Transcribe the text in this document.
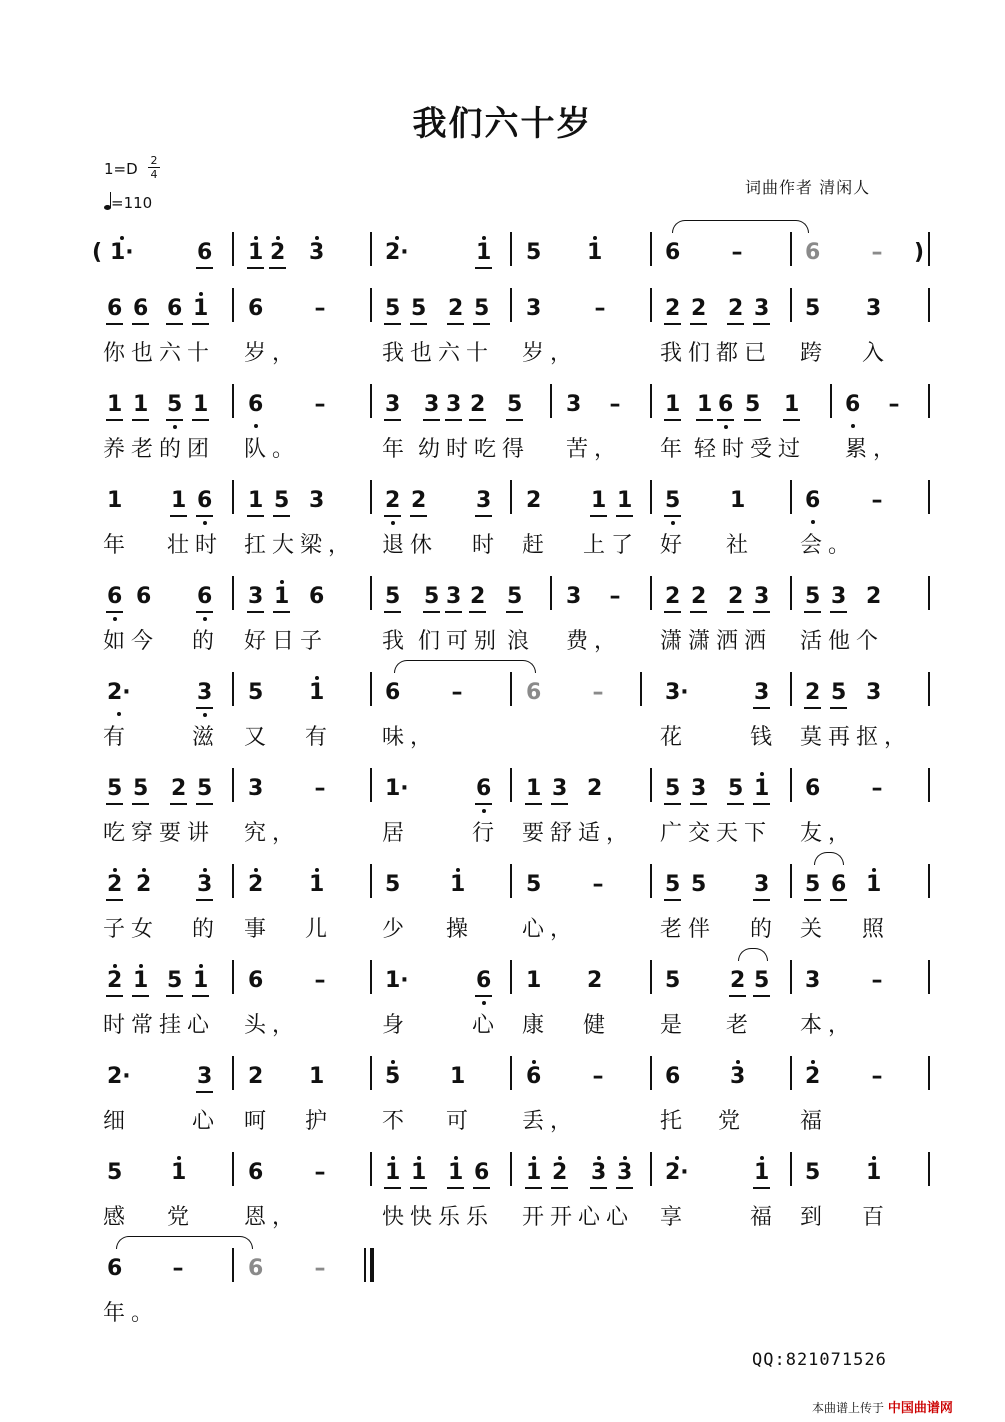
我们六十岁
$1=D \frac{2}{4}$
=110
词曲作者 清闲人
( 1·	6 1 2 3	2·	1 5 1	6 –	6 – )
6 6 6 1 6 –	5 5 2 5 3 –	2 2 2 3 5 3
你也六十 岁，	我也六十 岁，	我们都已 跨 入
1 1 5 1 6 –	3 3 3 2 5 3 – 1 1 6 5 1 6 –
养老的团 队。	年 幼时吃得 苦， 年 轻时受过 累，
1 1 6 1 5 3	2 2 3 2 1 1 5 1	6 –
年 壮时 扛大梁， 退休 时 赶 上了 好 社 会。
6 6 6 3 1 6	5 5 3 2 5 3 – 2 2 2 3 5 3 2
如今 的 好日子 我 们可别 浪 费， 潇潇洒洒 活他个
2·	3 5 1	6 –	6 –	3·	3 2 5 3
有	滋 又 有 味，	花	钱 莫再抠，
5 5 2 5 3 –	1·	6 1 3 2	5 3 5 1 6 –
吃穿要讲 究，	居	行 要舒适， 广交天下 友，
2 2 3 2 1	5 1	5 –	5 5 3 5 6 1
子女 的 事 儿 少 操 心，	老伴 的 关 照
2 1 5 1 6 –	1·	6 1 2	5 2 5 3 –
时常挂心 头，	身	心 康 健 是 老 本，
2·	3 2 1	5 1	6 –	6 3	2 –
细	心 呵 护 不 可 丢，	托 党 福
5 1	6 –	1 1 1 6 1 2 3 3 2·	1 5 1
感 党 恩，	快快乐乐 开开心心 享	福 到 百
6 –	6 –
年。
QQ:821071526
本曲谱上传于 中国曲谱网
